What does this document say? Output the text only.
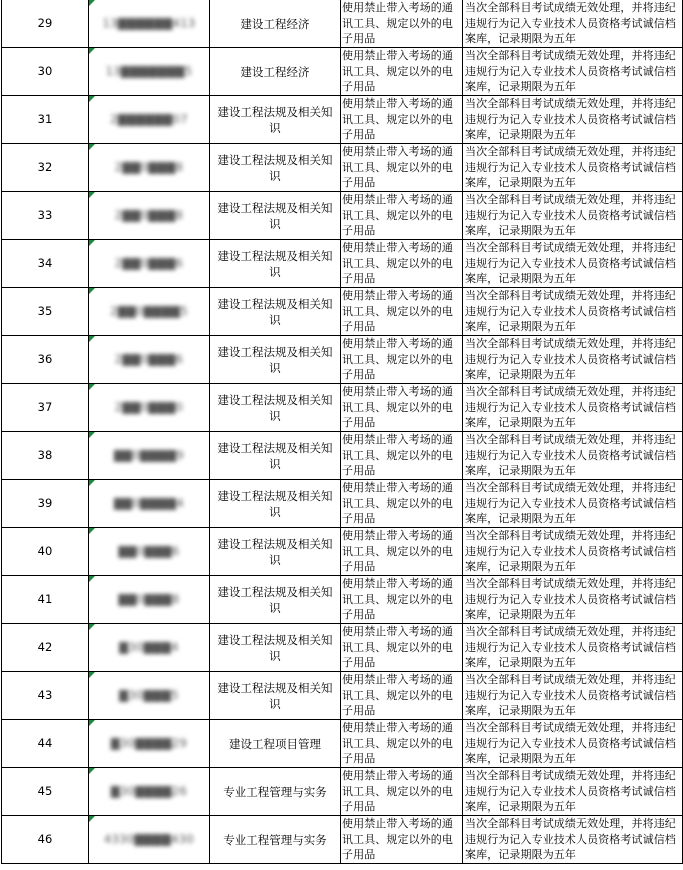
29	13▇▇▇▇▇▇413	建设工程经济	使用禁止带入考场的通讯工具、规定以外的电子用品	当次全部科目考试成绩无效处理，并将违纪违规行为记入专业技术人员资格考试诚信档案库，记录期限为五年
30	13▇▇▇▇▇▇▇5	建设工程经济	使用禁止带入考场的通讯工具、规定以外的电子用品	当次全部科目考试成绩无效处理，并将违纪违规行为记入专业技术人员资格考试诚信档案库，记录期限为五年
31	2▇▇▇▇▇▇07	建设工程法规及相关知识	使用禁止带入考场的通讯工具、规定以外的电子用品	当次全部科目考试成绩无效处理，并将违纪违规行为记入专业技术人员资格考试诚信档案库，记录期限为五年
32	2▇▇0▇▇▇8	建设工程法规及相关知识	使用禁止带入考场的通讯工具、规定以外的电子用品	当次全部科目考试成绩无效处理，并将违纪违规行为记入专业技术人员资格考试诚信档案库，记录期限为五年
33	2▇▇0▇▇▇8	建设工程法规及相关知识	使用禁止带入考场的通讯工具、规定以外的电子用品	当次全部科目考试成绩无效处理，并将违纪违规行为记入专业技术人员资格考试诚信档案库，记录期限为五年
34	2▇▇0▇▇▇6	建设工程法规及相关知识	使用禁止带入考场的通讯工具、规定以外的电子用品	当次全部科目考试成绩无效处理，并将违纪违规行为记入专业技术人员资格考试诚信档案库，记录期限为五年
35	2▇▇0▇▇▇▇5	建设工程法规及相关知识	使用禁止带入考场的通讯工具、规定以外的电子用品	当次全部科目考试成绩无效处理，并将违纪违规行为记入专业技术人员资格考试诚信档案库，记录期限为五年
36	2▇▇0▇▇▇6	建设工程法规及相关知识	使用禁止带入考场的通讯工具、规定以外的电子用品	当次全部科目考试成绩无效处理，并将违纪违规行为记入专业技术人员资格考试诚信档案库，记录期限为五年
37	2▇▇0▇▇▇0	建设工程法规及相关知识	使用禁止带入考场的通讯工具、规定以外的电子用品	当次全部科目考试成绩无效处理，并将违纪违规行为记入专业技术人员资格考试诚信档案库，记录期限为五年
38	▇▇0▇▇▇▇9	建设工程法规及相关知识	使用禁止带入考场的通讯工具、规定以外的电子用品	当次全部科目考试成绩无效处理，并将违纪违规行为记入专业技术人员资格考试诚信档案库，记录期限为五年
39	▇▇0▇▇▇▇4	建设工程法规及相关知识	使用禁止带入考场的通讯工具、规定以外的电子用品	当次全部科目考试成绩无效处理，并将违纪违规行为记入专业技术人员资格考试诚信档案库，记录期限为五年
40	▇▇0▇▇▇6	建设工程法规及相关知识	使用禁止带入考场的通讯工具、规定以外的电子用品	当次全部科目考试成绩无效处理，并将违纪违规行为记入专业技术人员资格考试诚信档案库，记录期限为五年
41	▇▇0▇▇▇8	建设工程法规及相关知识	使用禁止带入考场的通讯工具、规定以外的电子用品	当次全部科目考试成绩无效处理，并将违纪违规行为记入专业技术人员资格考试诚信档案库，记录期限为五年
42	▇30▇▇▇4	建设工程法规及相关知识	使用禁止带入考场的通讯工具、规定以外的电子用品	当次全部科目考试成绩无效处理，并将违纪违规行为记入专业技术人员资格考试诚信档案库，记录期限为五年
43	▇30▇▇▇5	建设工程法规及相关知识	使用禁止带入考场的通讯工具、规定以外的电子用品	当次全部科目考试成绩无效处理，并将违纪违规行为记入专业技术人员资格考试诚信档案库，记录期限为五年
44	▇30▇▇▇▇29	建设工程项目管理	使用禁止带入考场的通讯工具、规定以外的电子用品	当次全部科目考试成绩无效处理，并将违纪违规行为记入专业技术人员资格考试诚信档案库，记录期限为五年
45	▇30▇▇▇▇26	专业工程管理与实务	使用禁止带入考场的通讯工具、规定以外的电子用品	当次全部科目考试成绩无效处理，并将违纪违规行为记入专业技术人员资格考试诚信档案库，记录期限为五年
46	4330▇▇▇▇430	专业工程管理与实务	使用禁止带入考场的通讯工具、规定以外的电子用品	当次全部科目考试成绩无效处理，并将违纪违规行为记入专业技术人员资格考试诚信档案库，记录期限为五年
